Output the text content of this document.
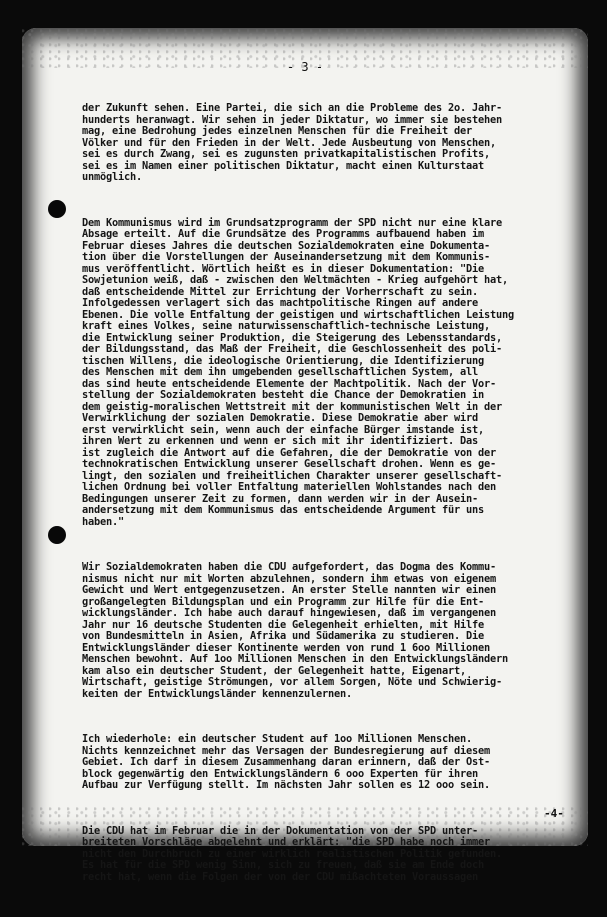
- 3 -

der Zukunft sehen. Eine Partei, die sich an die Probleme des 2o. Jahr-
hunderts heranwagt. Wir sehen in jeder Diktatur, wo immer sie bestehen
mag, eine Bedrohung jedes einzelnen Menschen für die Freiheit der
Völker und für den Frieden in der Welt. Jede Ausbeutung von Menschen,
sei es durch Zwang, sei es zugunsten privatkapitalistischen Profits,
sei es im Namen einer politischen Diktatur, macht einen Kulturstaat
unmöglich.

Dem Kommunismus wird im Grundsatzprogramm der SPD nicht nur eine klare
Absage erteilt. Auf die Grundsätze des Programms aufbauend haben im
Februar dieses Jahres die deutschen Sozialdemokraten eine Dokumenta-
tion über die Vorstellungen der Auseinandersetzung mit dem Kommunis-
mus veröffentlicht. Wörtlich heißt es in dieser Dokumentation: "Die
Sowjetunion weiß, daß - zwischen den Weltmächten - Krieg aufgehört hat,
daß entscheidende Mittel zur Errichtung der Vorherrschaft zu sein.
Infolgedessen verlagert sich das machtpolitische Ringen auf andere
Ebenen. Die volle Entfaltung der geistigen und wirtschaftlichen Leistung
kraft eines Volkes, seine naturwissenschaftlich-technische Leistung,
die Entwicklung seiner Produktion, die Steigerung des Lebensstandards,
der Bildungsstand, das Maß der Freiheit, die Geschlossenheit des poli-
tischen Willens, die ideologische Orientierung, die Identifizierung
des Menschen mit dem ihn umgebenden gesellschaftlichen System, all
das sind heute entscheidende Elemente der Machtpolitik. Nach der Vor-
stellung der Sozialdemokraten besteht die Chance der Demokratien in
dem geistig-moralischen Wettstreit mit der kommunistischen Welt in der
Verwirklichung der sozialen Demokratie. Diese Demokratie aber wird
erst verwirklicht sein, wenn auch der einfache Bürger imstande ist,
ihren Wert zu erkennen und wenn er sich mit ihr identifiziert. Das
ist zugleich die Antwort auf die Gefahren, die der Demokratie von der
technokratischen Entwicklung unserer Gesellschaft drohen. Wenn es ge-
lingt, den sozialen und freiheitlichen Charakter unserer gesellschaft-
lichen Ordnung bei voller Entfaltung materiellen Wohlstandes nach den
Bedingungen unserer Zeit zu formen, dann werden wir in der Ausein-
andersetzung mit dem Kommunismus das entscheidende Argument für uns
haben."

Wir Sozialdemokraten haben die CDU aufgefordert, das Dogma des Kommu-
nismus nicht nur mit Worten abzulehnen, sondern ihm etwas von eigenem
Gewicht und Wert entgegenzusetzen. An erster Stelle nannten wir einen
großangelegten Bildungsplan und ein Programm zur Hilfe für die Ent-
wicklungsländer. Ich habe auch darauf hingewiesen, daß im vergangenen
Jahr nur 16 deutsche Studenten die Gelegenheit erhielten, mit Hilfe
von Bundesmitteln in Asien, Afrika und Südamerika zu studieren. Die
Entwicklungsländer dieser Kontinente werden von rund 1 6oo Millionen
Menschen bewohnt. Auf 1oo Millionen Menschen in den Entwicklungsländern
kam also ein deutscher Student, der Gelegenheit hatte, Eigenart,
Wirtschaft, geistige Strömungen, vor allem Sorgen, Nöte und Schwierig-
keiten der Entwicklungsländer kennenzulernen.

Ich wiederhole: ein deutscher Student auf 1oo Millionen Menschen.
Nichts kennzeichnet mehr das Versagen der Bundesregierung auf diesem
Gebiet. Ich darf in diesem Zusammenhang daran erinnern, daß der Ost-
block gegenwärtig den Entwicklungsländern 6 ooo Experten für ihren
Aufbau zur Verfügung stellt. Im nächsten Jahr sollen es 12 ooo sein.

Die CDU hat im Februar die in der Dokumentation von der SPD unter-
breiteten Vorschläge abgelehnt und erklärt: "die SPD habe noch immer
nicht den Durchbruch zu einer wirklich realistischen Politik gefunden.
Es hat für die SPD wenig Sinn, sich zu freuen, daß sie am Ende doch
recht hat, wenn die Folgen der von der CDU mißachteten Voraussagen

-4-
